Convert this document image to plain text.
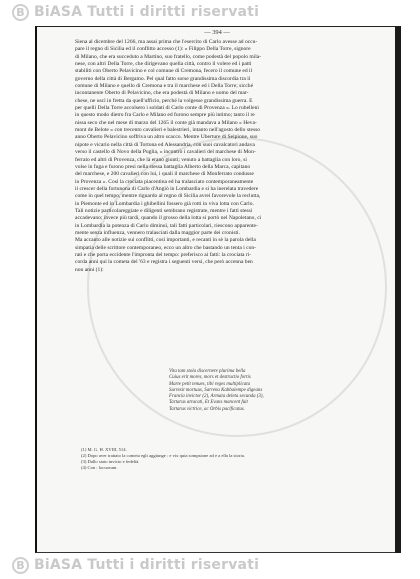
B BiASA Tutti i diritti riservati
— 394 —
Siena al dicembre del 1266, ma assai prima che l'esercito di Carlo avesse ad occu-
pare il regno di Sicilia ed il conflitto accesso (1): « Filippo Della Torre, signore
di Milano, che era succeduto a Martino, suo fratello, come podestà del popolo mila-
nese, con altri Della Torre, che dirigevano quella città, contro il volere ed i patti
stabiliti con Oberto Pelavicino e col comune di Cremona, fecero il comune ed il
governo della città di Bergamo. Pel qual fatto sorse grandissima discordia tra il
comune di Milano e quello di Cremona e tra il marchese ed i Della Torre; sicché
incontanente Oberto di Pelavicino, che era podestà di Milano e uomo del mar-
chese, ne uscì in fretta da quell'ufficio, perché la volgesse grandissima guerra. E
per quelli Della Torre accolsero i soldati di Carlo conte di Provenza ». Lo rubelleni
in questo modo dietro fra Carlo e Milano ed furono sempre più intimo; tanto il re
nissa seco che nel mese di marzo del 1265 il conte già mandava a Milano « Heva-
mont de Belote » con trecento cavalieri e balestrieri, intanto nell'agosto dello stesso
anno Oberto Pelavicino soffriva un altro scacco. Mentre Uberture di Seipione, suo
nipote e vicario nella città di Tortona ed Alessandria, con suoi cavalcatori andava
verso il castello di Novo della Puglia, « incontrò i cavalieri del marchese di Mon-
ferrato ed altri di Provenza, che là erano giunti; venuto a battaglia con loro, si
volse in fuga e furono presi nella stessa battaglia Alberto della Marca, capitano
del marchese, e 200 cavalieri con lui, i quali il marchese di Monferrato condusse
in Provenza ». Così la crociata piacentina ed ha tralasciato contemporaneamente
il crescer della fortunona di Carlo d'Angiò in Lombardia e si ha inerelata travedere
come in quel tempo, mentre riguardo al regno di Sicilia avrei favorevole la reclutta,
in Piemonte ed in Lombardia i ghibellini fossero già rotti in viva lotta con Carlo.
Tali notizie particolareggiate e diligenti sembrano registrate, mentre i fatti stessi
accadevano; invece più tardi, quando il grosso della lotta si portò nel Napoletano, ci
in Lombardia la potenza di Carlo diminuì, tali fatti particolari, riescono apparente-
mente senza influenza, vennero tralasciati dalla maggior parte dei cronisti.
Ma accanto alle notizie sui conflitti, così importanti, e recanti in sè la parola della
simpatia delle scrittore contemporaneo, ecco un altro che bastando un tenta i con-
rati e che porta eccidente l'impronta del tempo: preferisco ai fatti: la crociata ri-
corda anni qui la cometa del '63 e registra i seguenti versi, che però accenna ben
non anni (1):
Vita tam stola discernere plurima bella
Cuius erit mores, mors et destructio fortis
Marte petit tenues, tibi reges multiplicata
Surrexit mortuus, Sarrena Kabbalempe digeans
Francia invictor (2), Armata deleta secunda (3),
Tartarus atracati, Et Evans mancent fuit
Tartarus victrice, ac Orbis pacificatus.
(1) M. G. H. XVIII, 514.
(2) Dopo aver trattato la cometa egli aggiunge : e vix quia sompsione ad e a ella la storia.
(3) Dallo stato invicto e fedeltà.
(4) Con : locuorum.
B BiASA Tutti i diritti riservati
